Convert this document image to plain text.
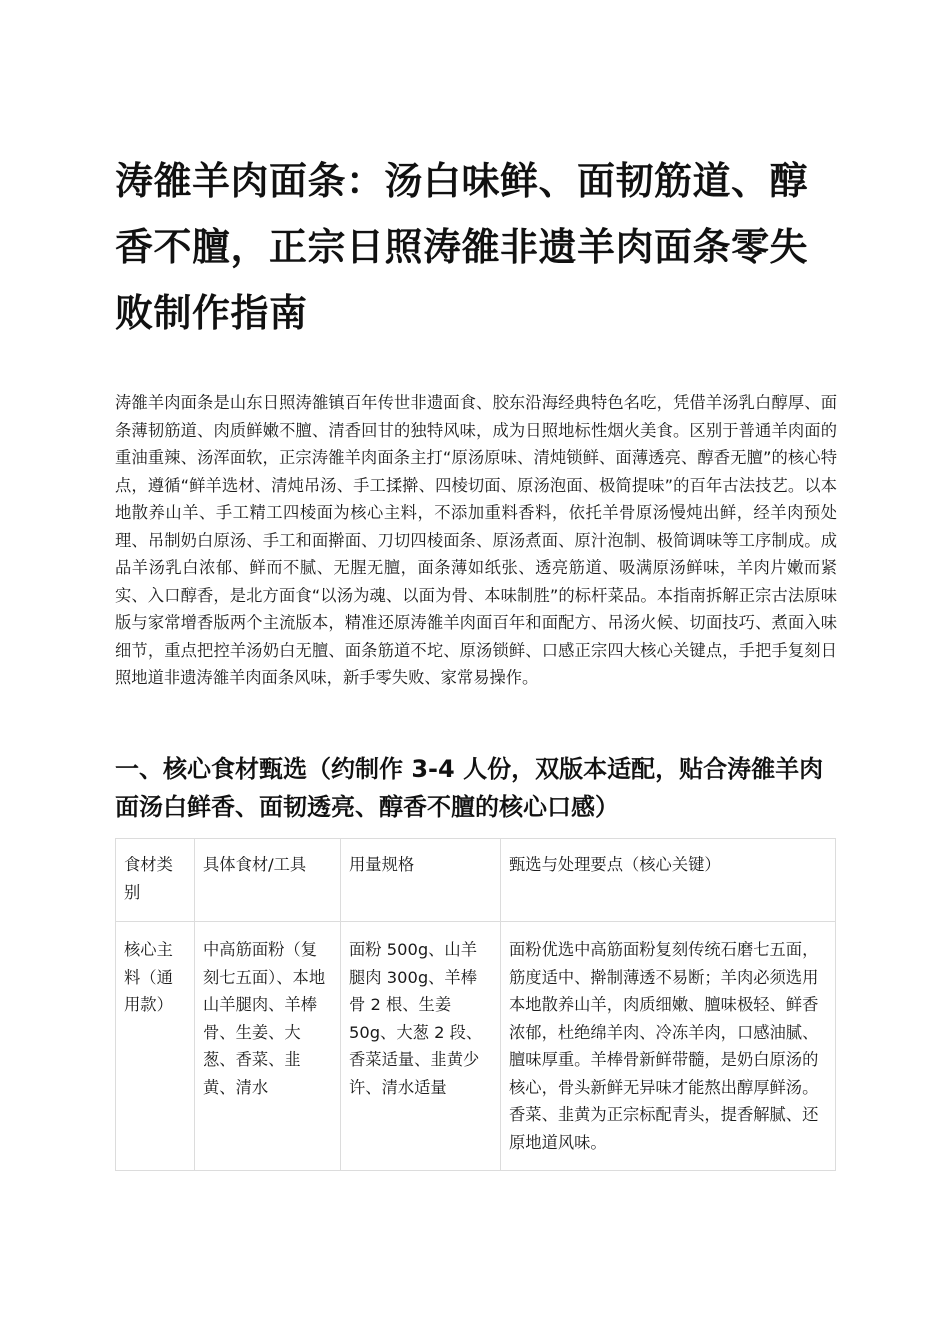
涛雒羊肉面条：汤白味鲜、面韧筋道、醇香不膻，正宗日照涛雒非遗羊肉面条零失败制作指南

涛雒羊肉面条是山东日照涛雒镇百年传世非遗面食、胶东沿海经典特色名吃，凭借羊汤乳白醇厚、面条薄韧筋道、肉质鲜嫩不膻、清香回甘的独特风味，成为日照地标性烟火美食。区别于普通羊肉面的重油重辣、汤浑面软，正宗涛雒羊肉面条主打“原汤原味、清炖锁鲜、面薄透亮、醇香无膻”的核心特点，遵循“鲜羊选材、清炖吊汤、手工揉擀、四棱切面、原汤泡面、极简提味”的百年古法技艺。以本地散养山羊、手工精工四棱面为核心主料，不添加重料香料，依托羊骨原汤慢炖出鲜，经羊肉预处理、吊制奶白原汤、手工和面擀面、刀切四棱面条、原汤煮面、原汁泡制、极简调味等工序制成。成品羊汤乳白浓郁、鲜而不腻、无腥无膻，面条薄如纸张、透亮筋道、吸满原汤鲜味，羊肉片嫩而紧实、入口醇香，是北方面食“以汤为魂、以面为骨、本味制胜”的标杆菜品。本指南拆解正宗古法原味版与家常增香版两个主流版本，精准还原涛雒羊肉面百年和面配方、吊汤火候、切面技巧、煮面入味细节，重点把控羊汤奶白无膻、面条筋道不坨、原汤锁鲜、口感正宗四大核心关键点，手把手复刻日照地道非遗涛雒羊肉面条风味，新手零失败、家常易操作。

一、核心食材甄选（约制作 3-4 人份，双版本适配，贴合涛雒羊肉面汤白鲜香、面韧透亮、醇香不膻的核心口感）
食材类别	具体食材/工具	用量规格	甄选与处理要点（核心关键）
核心主料（通用款）	中高筋面粉（复刻七五面）、本地山羊腿肉、羊棒骨、生姜、大葱、香菜、韭黄、清水	面粉 500g、山羊腿肉 300g、羊棒骨 2 根、生姜 50g、大葱 2 段、香菜适量、韭黄少许、清水适量	面粉优选中高筋面粉复刻传统石磨七五面，筋度适中、擀制薄透不易断；羊肉必须选用本地散养山羊，肉质细嫩、膻味极轻、鲜香浓郁，杜绝绵羊肉、冷冻羊肉，口感油腻、膻味厚重。羊棒骨新鲜带髓，是奶白原汤的核心，骨头新鲜无异味才能熬出醇厚鲜汤。香菜、韭黄为正宗标配青头，提香解腻、还原地道风味。
